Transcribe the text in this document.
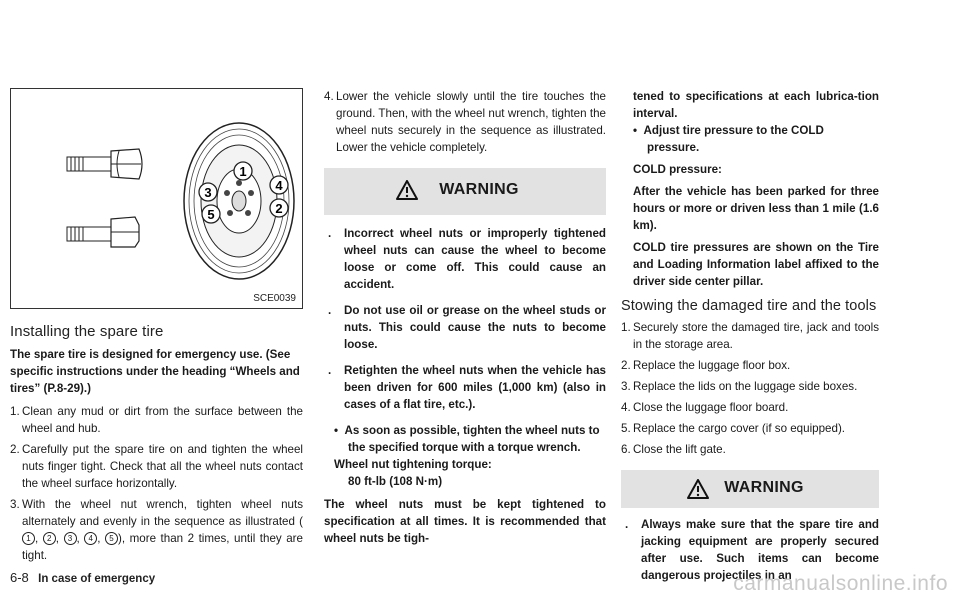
1
2
3	4
5
SCE0039
Installing the spare tire

The spare tire is designed for emergency use. (See specific instructions under the heading “Wheels and tires” (P.8-29).)

1. Clean any mud or dirt from the surface between the wheel and hub.
2. Carefully put the spare tire on and tighten the wheel nuts finger tight. Check that all the wheel nuts contact the wheel surface horizontally.
3. With the wheel nut wrench, tighten wheel nuts alternately and evenly in the sequence as illustrated (1 , 2 , 3 , 4 , 5 ), more than 2 times, until they are tight.
4. Lower the vehicle slowly until the tire touches the ground. Then, with the wheel nut wrench, tighten the wheel nuts securely in the sequence as illustrated. Lower the vehicle completely.
WARNING
. Incorrect wheel nuts or improperly tightened wheel nuts can cause the wheel to become loose or come off. This could cause an accident.
. Do not use oil or grease on the wheel studs or nuts. This could cause the nuts to become loose.
. Retighten the wheel nuts when the vehicle has been driven for 600 miles (1,000 km) (also in cases of a flat tire, etc.).

•  As soon as possible, tighten the wheel nuts to the specified torque with a torque wrench.

Wheel nut tightening torque:

80 ft-lb (108 N·m)

The wheel nuts must be kept tightened to specification at all times. It is recommended that wheel nuts be tigh-

tened to specifications at each lubrica-tion interval.

•  Adjust tire pressure to the COLD pressure.

COLD pressure:

After the vehicle has been parked for three hours or more or driven less than 1 mile (1.6 km).

COLD tire pressures are shown on the Tire and Loading Information label affixed to the driver side center pillar.

Stowing the damaged tire and the tools
1. Securely store the damaged tire, jack and tools in the storage area.
2. Replace the luggage floor box.
3. Replace the lids on the luggage side boxes.
4. Close the luggage floor board.
5. Replace the cargo cover (if so equipped).
6. Close the lift gate.
WARNING
. Always make sure that the spare tire and jacking equipment are properly secured after use. Such items can become dangerous projectiles in an
6-8 In case of emergency	carmanualsonline.info
